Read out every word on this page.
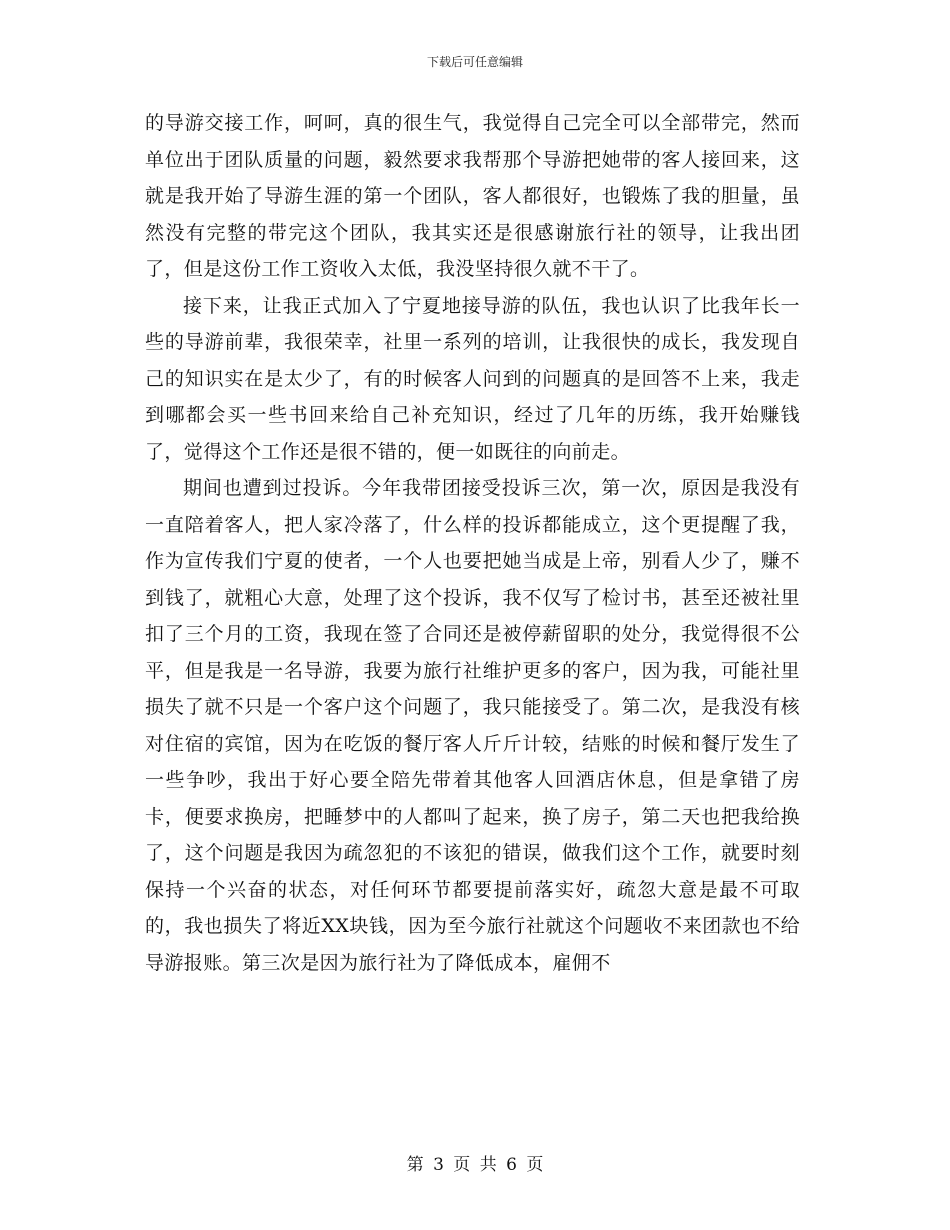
下载后可任意编辑

的导游交接工作，呵呵，真的很生气，我觉得自己完全可以全部带完，然而单位出于团队质量的问题，毅然要求我帮那个导游把她带的客人接回来，这就是我开始了导游生涯的第一个团队，客人都很好，也锻炼了我的胆量，虽然没有完整的带完这个团队，我其实还是很感谢旅行社的领导，让我出团了，但是这份工作工资收入太低，我没坚持很久就不干了。

接下来，让我正式加入了宁夏地接导游的队伍，我也认识了比我年长一些的导游前辈，我很荣幸，社里一系列的培训，让我很快的成长，我发现自己的知识实在是太少了，有的时候客人问到的问题真的是回答不上来，我走到哪都会买一些书回来给自己补充知识，经过了几年的历练，我开始赚钱了，觉得这个工作还是很不错的，便一如既往的向前走。

期间也遭到过投诉。今年我带团接受投诉三次，第一次，原因是我没有一直陪着客人，把人家冷落了，什么样的投诉都能成立，这个更提醒了我，作为宣传我们宁夏的使者，一个人也要把她当成是上帝，别看人少了，赚不到钱了，就粗心大意，处理了这个投诉，我不仅写了检讨书，甚至还被社里扣了三个月的工资，我现在签了合同还是被停薪留职的处分，我觉得很不公平，但是我是一名导游，我要为旅行社维护更多的客户，因为我，可能社里损失了就不只是一个客户这个问题了，我只能接受了。第二次，是我没有核对住宿的宾馆，因为在吃饭的餐厅客人斤斤计较，结账的时候和餐厅发生了一些争吵，我出于好心要全陪先带着其他客人回酒店休息，但是拿错了房卡，便要求换房，把睡梦中的人都叫了起来，换了房子，第二天也把我给换了，这个问题是我因为疏忽犯的不该犯的错误，做我们这个工作，就要时刻保持一个兴奋的状态，对任何环节都要提前落实好，疏忽大意是最不可取的，我也损失了将近XX块钱，因为至今旅行社就这个问题收不来团款也不给导游报账。第三次是因为旅行社为了降低成本，雇佣不

第 3 页 共 6 页
